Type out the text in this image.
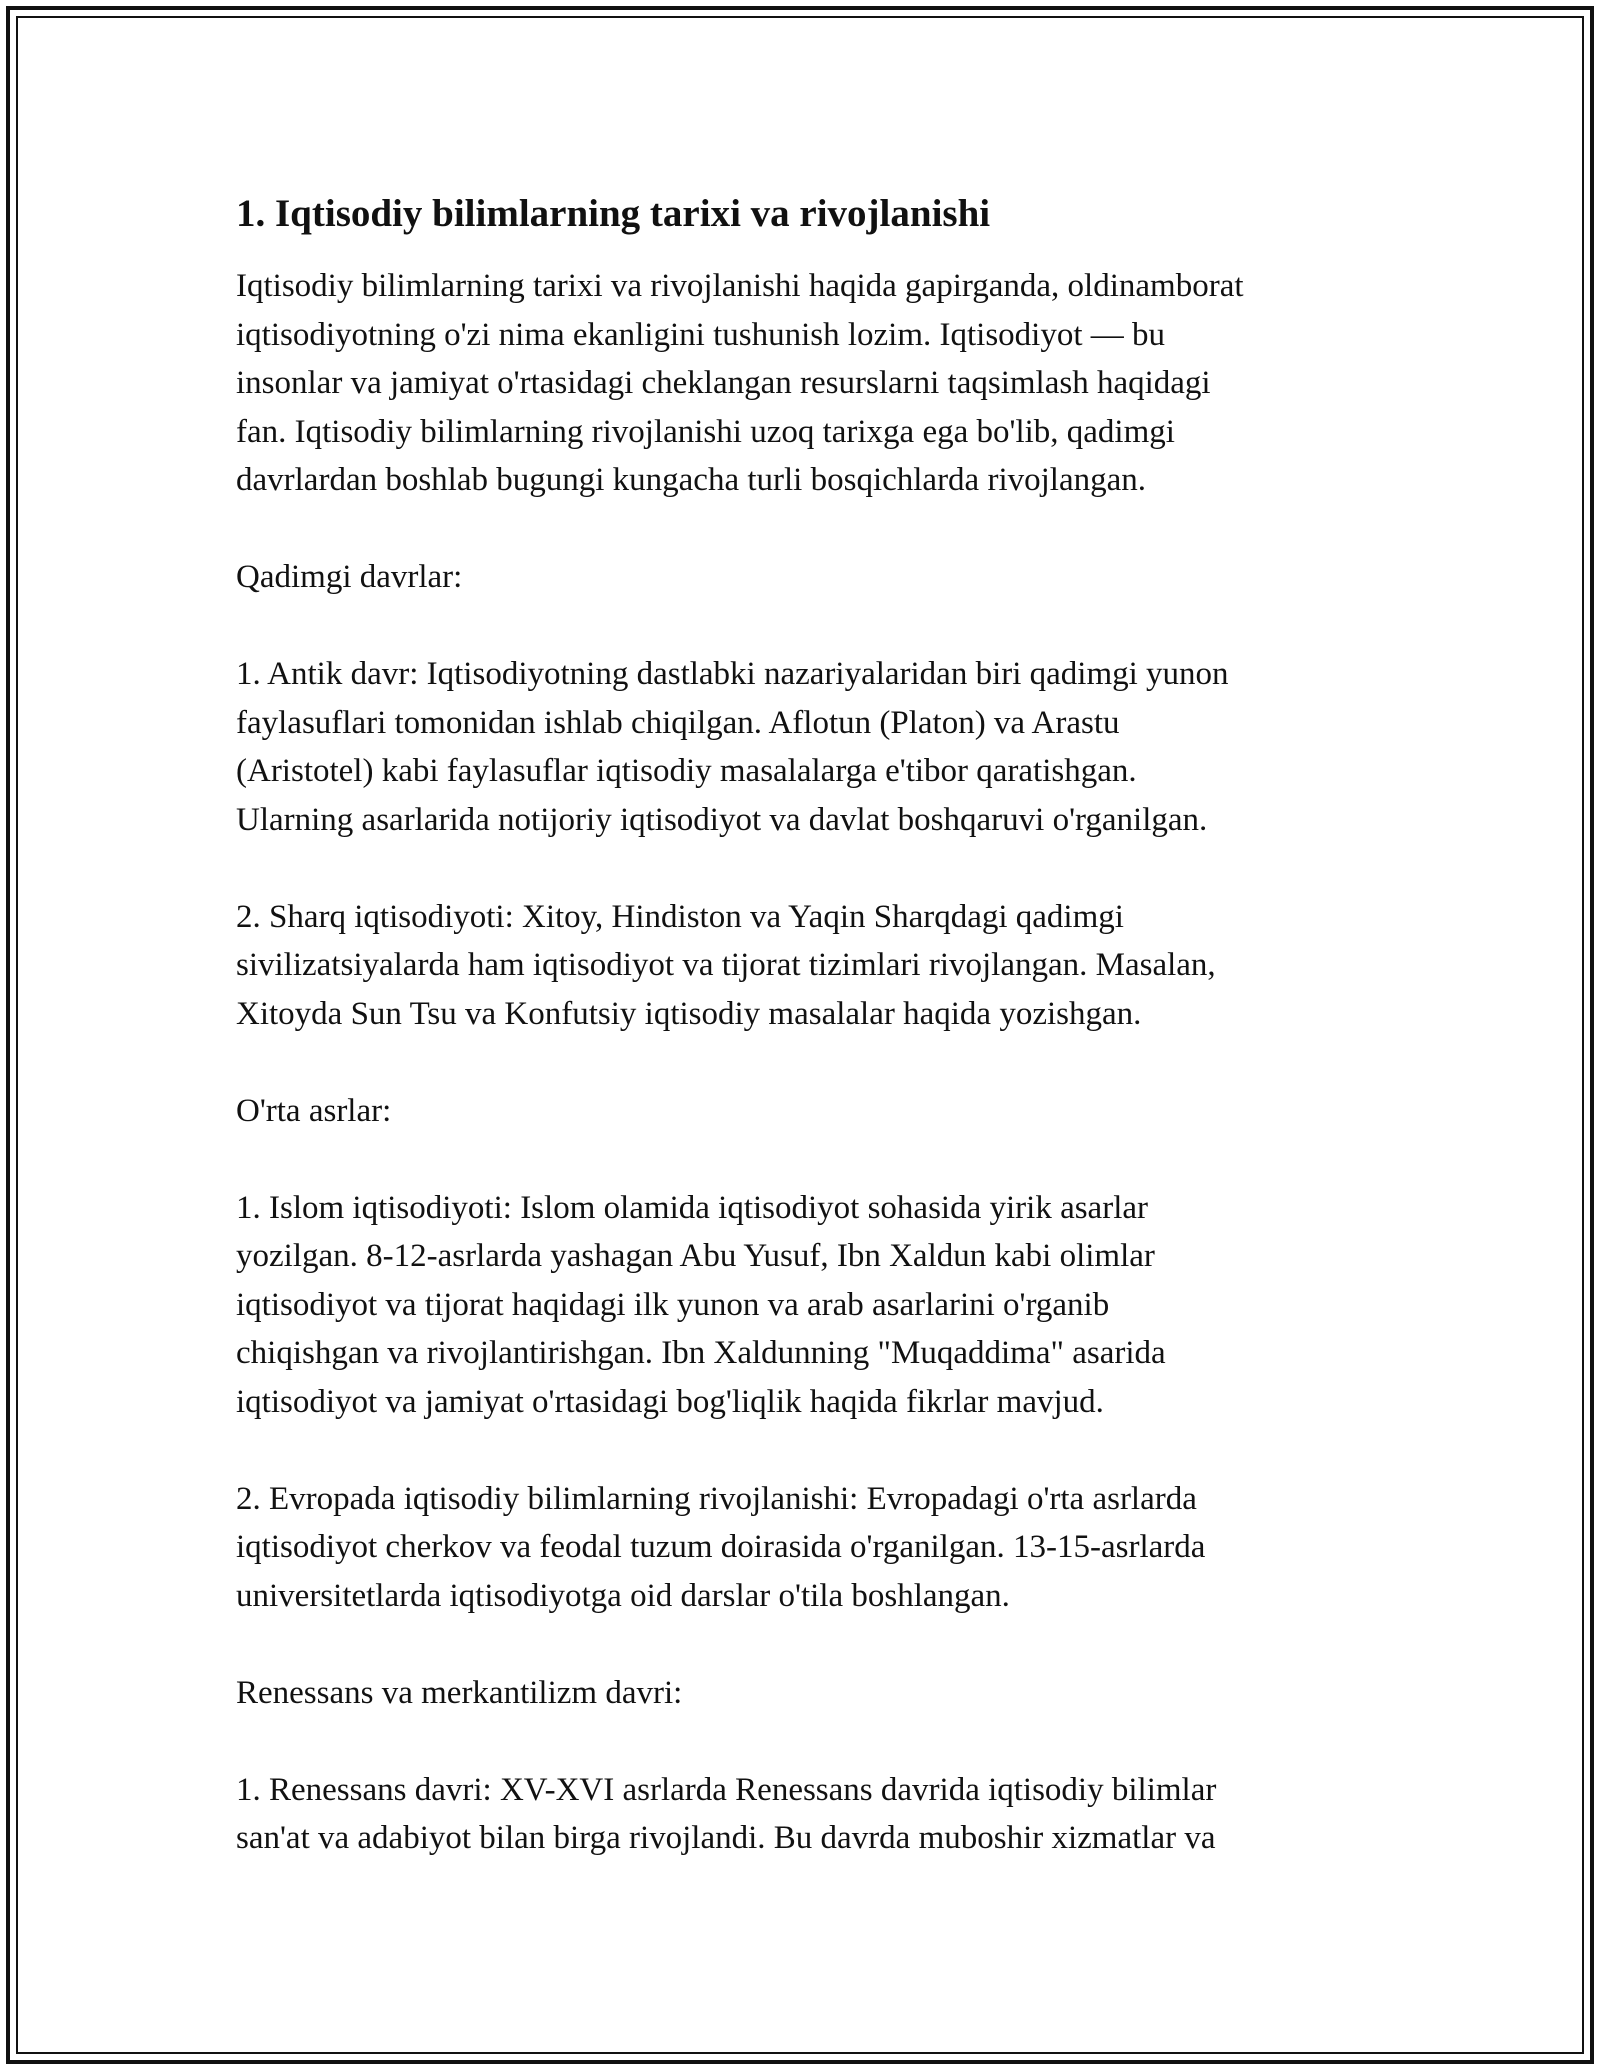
1. Iqtisodiy bilimlarning tarixi va rivojlanishi

Iqtisodiy bilimlarning tarixi va rivojlanishi haqida gapirganda, oldinamborat
iqtisodiyotning o'zi nima ekanligini tushunish lozim. Iqtisodiyot — bu
insonlar va jamiyat o'rtasidagi cheklangan resurslarni taqsimlash haqidagi
fan. Iqtisodiy bilimlarning rivojlanishi uzoq tarixga ega bo'lib, qadimgi
davrlardan boshlab bugungi kungacha turli bosqichlarda rivojlangan.

Qadimgi davrlar:

1. Antik davr: Iqtisodiyotning dastlabki nazariyalaridan biri qadimgi yunon
faylasuflari tomonidan ishlab chiqilgan. Aflotun (Platon) va Arastu
(Aristotel) kabi faylasuflar iqtisodiy masalalarga e'tibor qaratishgan.
Ularning asarlarida notijoriy iqtisodiyot va davlat boshqaruvi o'rganilgan.

2. Sharq iqtisodiyoti: Xitoy, Hindiston va Yaqin Sharqdagi qadimgi
sivilizatsiyalarda ham iqtisodiyot va tijorat tizimlari rivojlangan. Masalan,
Xitoyda Sun Tsu va Konfutsiy iqtisodiy masalalar haqida yozishgan.

O'rta asrlar:

1. Islom iqtisodiyoti: Islom olamida iqtisodiyot sohasida yirik asarlar
yozilgan. 8-12-asrlarda yashagan Abu Yusuf, Ibn Xaldun kabi olimlar
iqtisodiyot va tijorat haqidagi ilk yunon va arab asarlarini o'rganib
chiqishgan va rivojlantirishgan. Ibn Xaldunning "Muqaddima" asarida
iqtisodiyot va jamiyat o'rtasidagi bog'liqlik haqida fikrlar mavjud.

2. Evropada iqtisodiy bilimlarning rivojlanishi: Evropadagi o'rta asrlarda
iqtisodiyot cherkov va feodal tuzum doirasida o'rganilgan. 13-15-asrlarda
universitetlarda iqtisodiyotga oid darslar o'tila boshlangan.

Renessans va merkantilizm davri:

1. Renessans davri: XV-XVI asrlarda Renessans davrida iqtisodiy bilimlar
san'at va adabiyot bilan birga rivojlandi. Bu davrda muboshir xizmatlar va
